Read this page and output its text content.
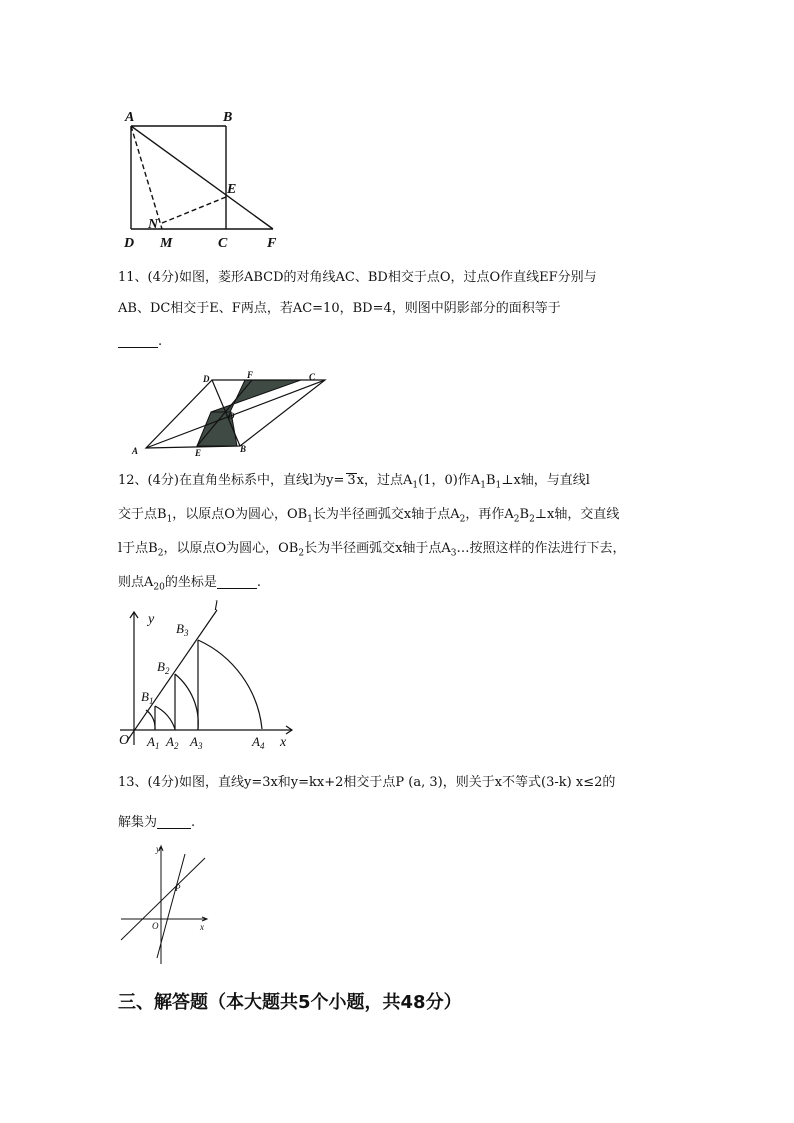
A	B
D M	C	F
E
N
11、(4分)如图，菱形ABCD的对角线AC、BD相交于点O，过点O作直线EF分别与
AB、DC相交于E、F两点，若AC=10，BD=4，则图中阴影部分的面积等于
.
D	F	C
O
A	E	B
12、(4分)在直角坐标系中，直线l为y= 3x，过点$A_1(1$，0)作$A_1B_1\perp x$轴，与直线l
交于点$B_1$，以原点O为圆心，$OB_1$长为半径画弧交x轴于点$A_2$，再作$A_2B_2\perp x$轴，交直线
l于点$B_2$，以原点O为圆心，$OB_2$长为半径画弧交x轴于点$A_3\dots$按照这样的作法进行下去，
则点$A_{20}$的坐标是	.
y
x
l
O
$B_1$
$B_2$
$B_3$
$A_1$ $A_2$ $A_3$	$A_4$
13、(4分)如图，直线y=3x和y=kx+2相交于点P (a, 3)，则关于x不等式(3-k) x≤2的
解集为	.
y
x
O
P
三、解答题（本大题共5个小题，共48分）
